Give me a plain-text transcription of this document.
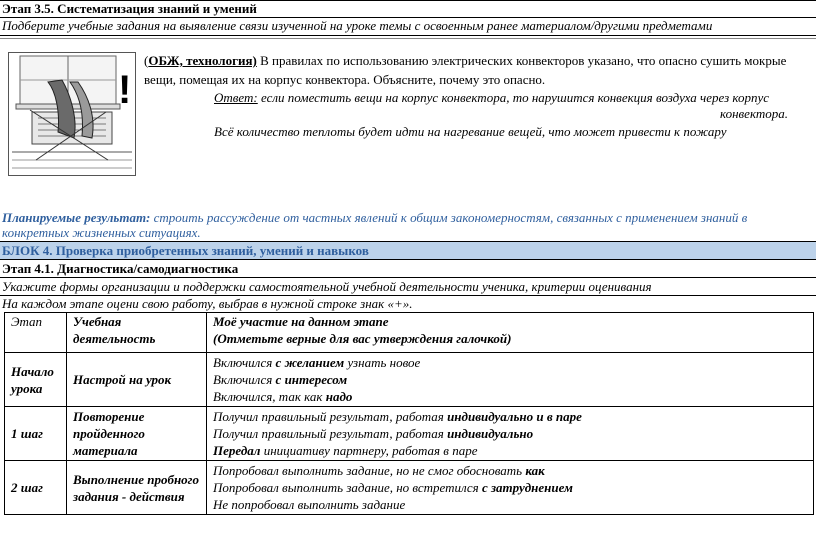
Этап 3.5. Систематизация знаний и умений
Подберите учебные задания на выявление связи изученной на уроке темы с освоенным ранее материалом/другими предметами
!
(ОБЖ, технология) В правилах по использованию электрических конвекторов указано, что опасно сушить мокрые
вещи, помещая их на корпус конвектора. Объясните, почему это опасно.
Ответ: если поместить вещи на корпус конвектора, то нарушится конвекция воздуха через корпус
конвектора.
Всё количество теплоты будет идти на нагревание вещей, что может привести к пожару
Планируемые результат: строить рассуждение от частных явлений к общим закономерностям, связанных с применением знаний в
конкретных жизненных ситуациях.
БЛОК 4. Проверка приобретенных знаний, умений и навыков
Этап 4.1. Диагностика/самодиагностика
Укажите формы организации и поддержки самостоятельной учебной деятельности ученика, критерии оценивания
На каждом этапе оцени свою работу, выбрав в нужной строке знак «+».
Этап	Учебная деятельность	Моё участие на данном этапе
(Отметьте верные для вас утверждения галочкой)

Начало урока	Настрой на урок	Включился с желанием узнать новое
Включился с интересом
Включился, так как надо

1 шаг	Повторение пройденного материала	Получил правильный результат, работая индивидуально и в паре
Получил правильный результат, работая индивидуально
Передал инициативу партнеру, работая в паре

2 шаг	Выполнение пробного задания - действия	Попробовал выполнить задание, но не смог обосновать как
Попробовал выполнить задание, но встретился с затруднением
Не попробовал выполнить задание
